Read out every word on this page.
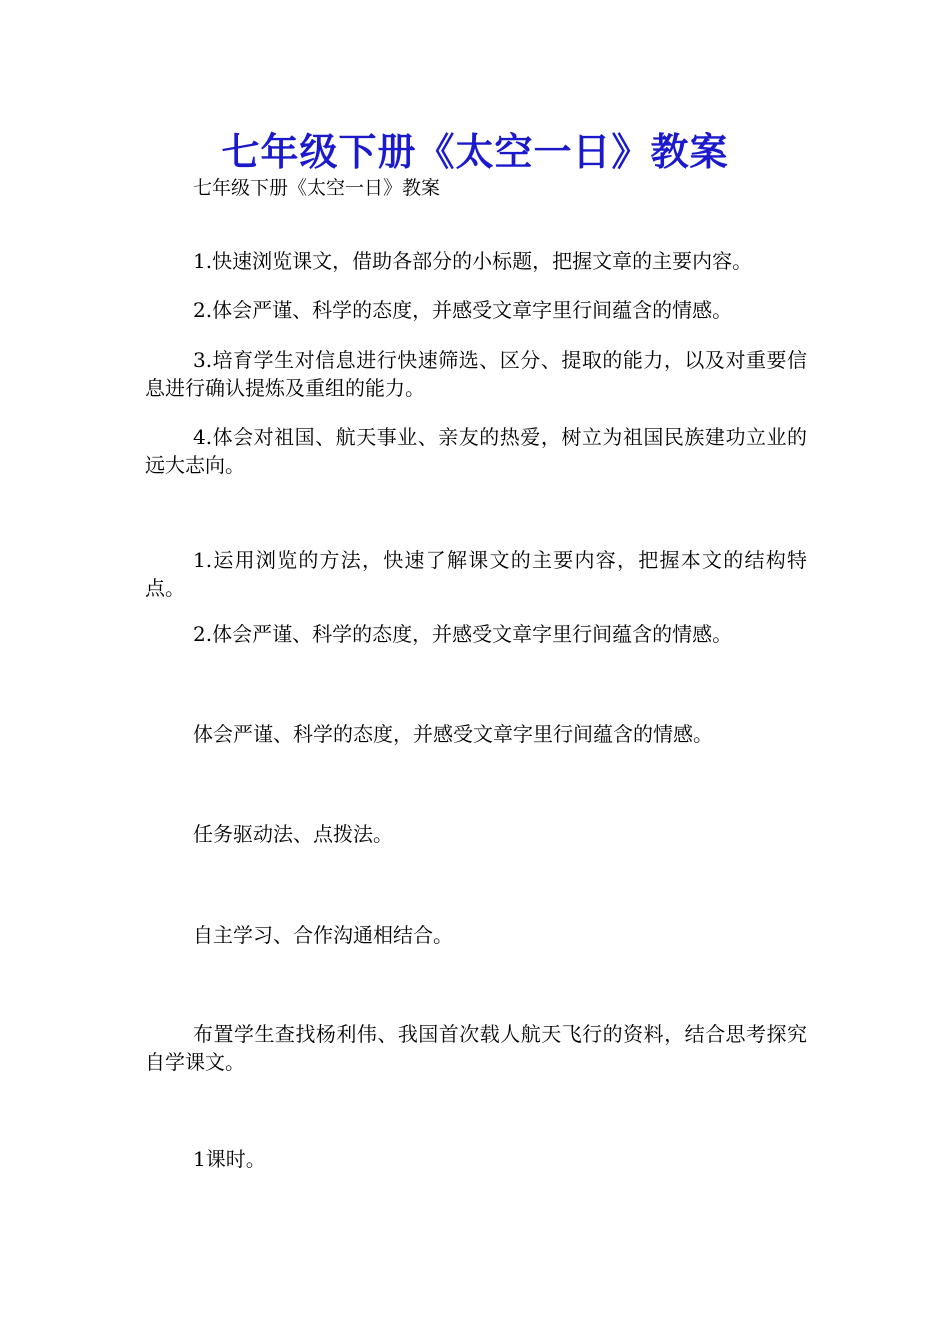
七年级下册《太空一日》教案

七年级下册《太空一日》教案

1.快速浏览课文，借助各部分的小标题，把握文章的主要内容。

2.体会严谨、科学的态度，并感受文章字里行间蕴含的情感。

3.培育学生对信息进行快速筛选、区分、提取的能力，以及对重要信息进行确认提炼及重组的能力。

4.体会对祖国、航天事业、亲友的热爱，树立为祖国民族建功立业的远大志向。

1.运用浏览的方法，快速了解课文的主要内容，把握本文的结构特点。

2.体会严谨、科学的态度，并感受文章字里行间蕴含的情感。

体会严谨、科学的态度，并感受文章字里行间蕴含的情感。

任务驱动法、点拨法。

自主学习、合作沟通相结合。

布置学生查找杨利伟、我国首次载人航天飞行的资料，结合思考探究自学课文。

1课时。
